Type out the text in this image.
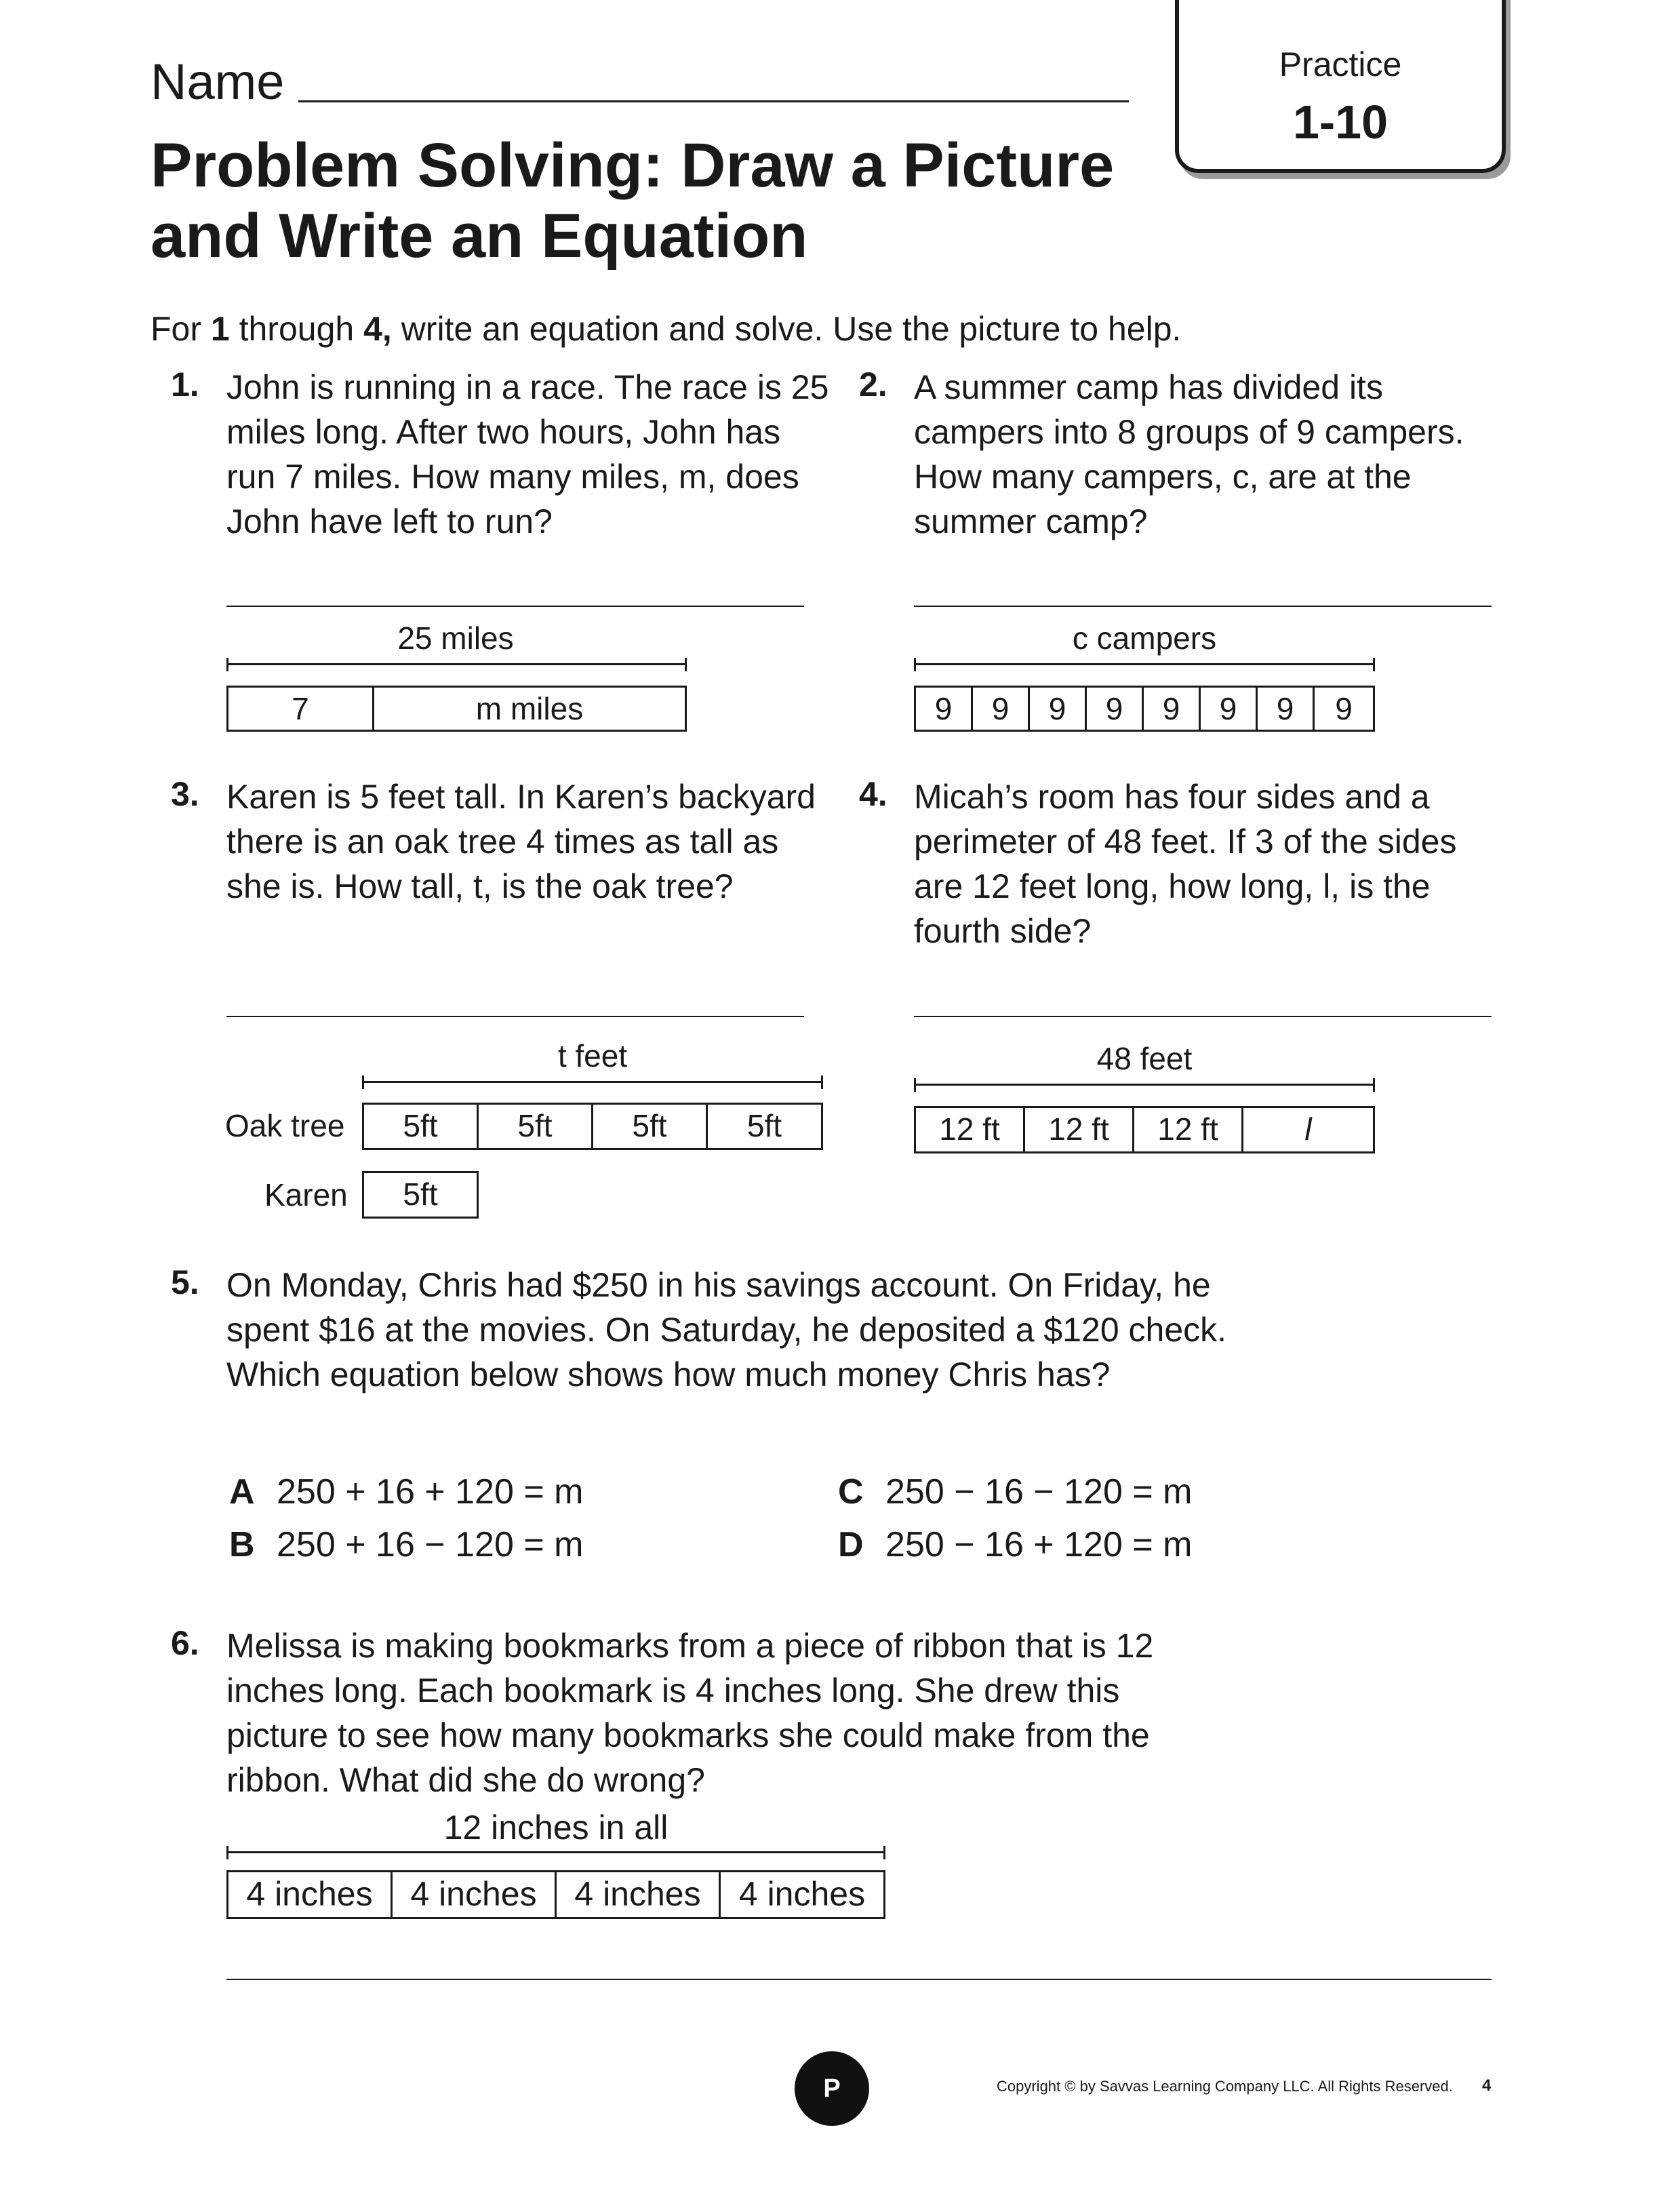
Name	Practice
1-10
Problem Solving: Draw a Picture and Write an Equation
For 1 through 4, write an equation and solve. Use the picture to help.
1. John is running in a race. The race is 25 miles long. After two hours, John has run 7 miles. How many miles, m, does John have left to run?
25 miles
7	m miles
2. A summer camp has divided its campers into 8 groups of 9 campers. How many campers, c, are at the summer camp?
c campers
9	9	9	9	9	9	9	9
3. Karen is 5 feet tall. In Karen’s backyard there is an oak tree 4 times as tall as she is. How tall, t, is the oak tree?
t feet
Oak tree	5ft	5ft	5ft	5ft
Karen	5ft
4. Micah’s room has four sides and a perimeter of 48 feet. If 3 of the sides are 12 feet long, how long, l, is the fourth side?
48 feet
12 ft	12 ft	12 ft	l
5. On Monday, Chris had $250 in his savings account. On Friday, he spent $16 at the movies. On Saturday, he deposited a $120 check. Which equation below shows how much money Chris has?
A 250 + 16 + 120 = m
B 250 + 16 − 120 = m
C 250 − 16 − 120 = m
D 250 − 16 + 120 = m
6. Melissa is making bookmarks from a piece of ribbon that is 12 inches long. Each bookmark is 4 inches long. She drew this picture to see how many bookmarks she could make from the ribbon. What did she do wrong?
12 inches in all
4 inches	4 inches	4 inches	4 inches
P 1•10
Copyright © by Savvas Learning Company LLC. All Rights Reserved. 4
